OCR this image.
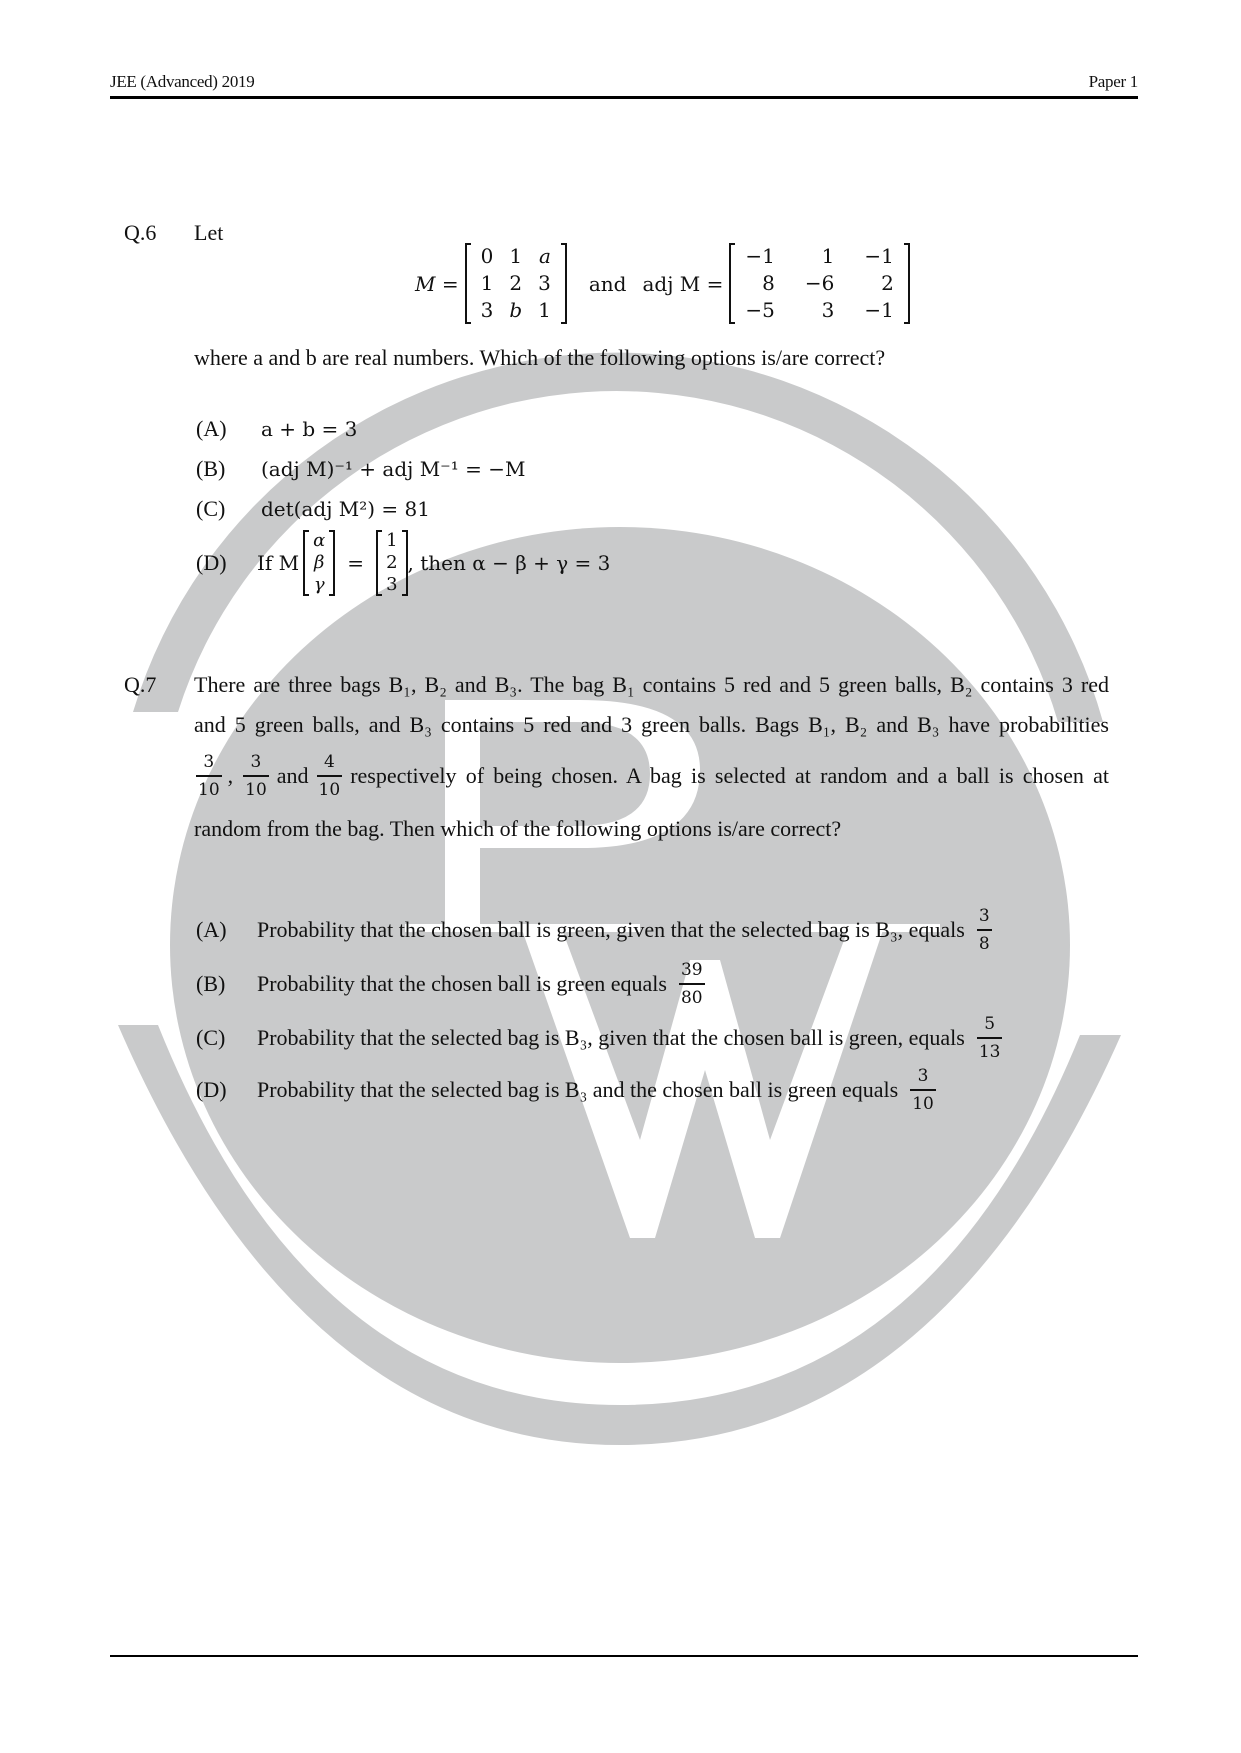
JEE (Advanced) 2019	Paper 1
Q.6 Let
M =
0	1	a
1	2	3
3	b	1
and adj M =
−1	1	−1
8	−6	2
−5	3	−1
where a and b are real numbers. Which of the following options is/are correct?
(A) a + b = 3
(B) (adj M)⁻¹ + adj M⁻¹ = −M
(C) det(adj M²) = 81
(D)	If M
α
β
γ
=
1
2
3
, then α − β + γ = 3
Q.7 There are three bags B₁, B₂ and B₃. The bag B₁ contains 5 red and 5 green balls, B₂ contains 3 red
and 5 green balls, and B₃ contains 5 red and 3 green balls. Bags B₁, B₂ and B₃ have probabilities
$\frac{3}{10}$ , $\frac{3}{10}$ and $\frac{4}{10}$ respectively of being chosen. A bag is selected at random and a ball is chosen at
random from the bag. Then which of the following options is/are correct?
(A)	Probability that the chosen ball is green, given that the selected bag is B₃, equals $\frac{3}{8}$
(B)	Probability that the chosen ball is green equals $\frac{39}{80}$
(C)	Probability that the selected bag is B₃, given that the chosen ball is green, equals $\frac{5}{13}$
(D)	Probability that the selected bag is B₃ and the chosen ball is green equals $\frac{3}{10}$
